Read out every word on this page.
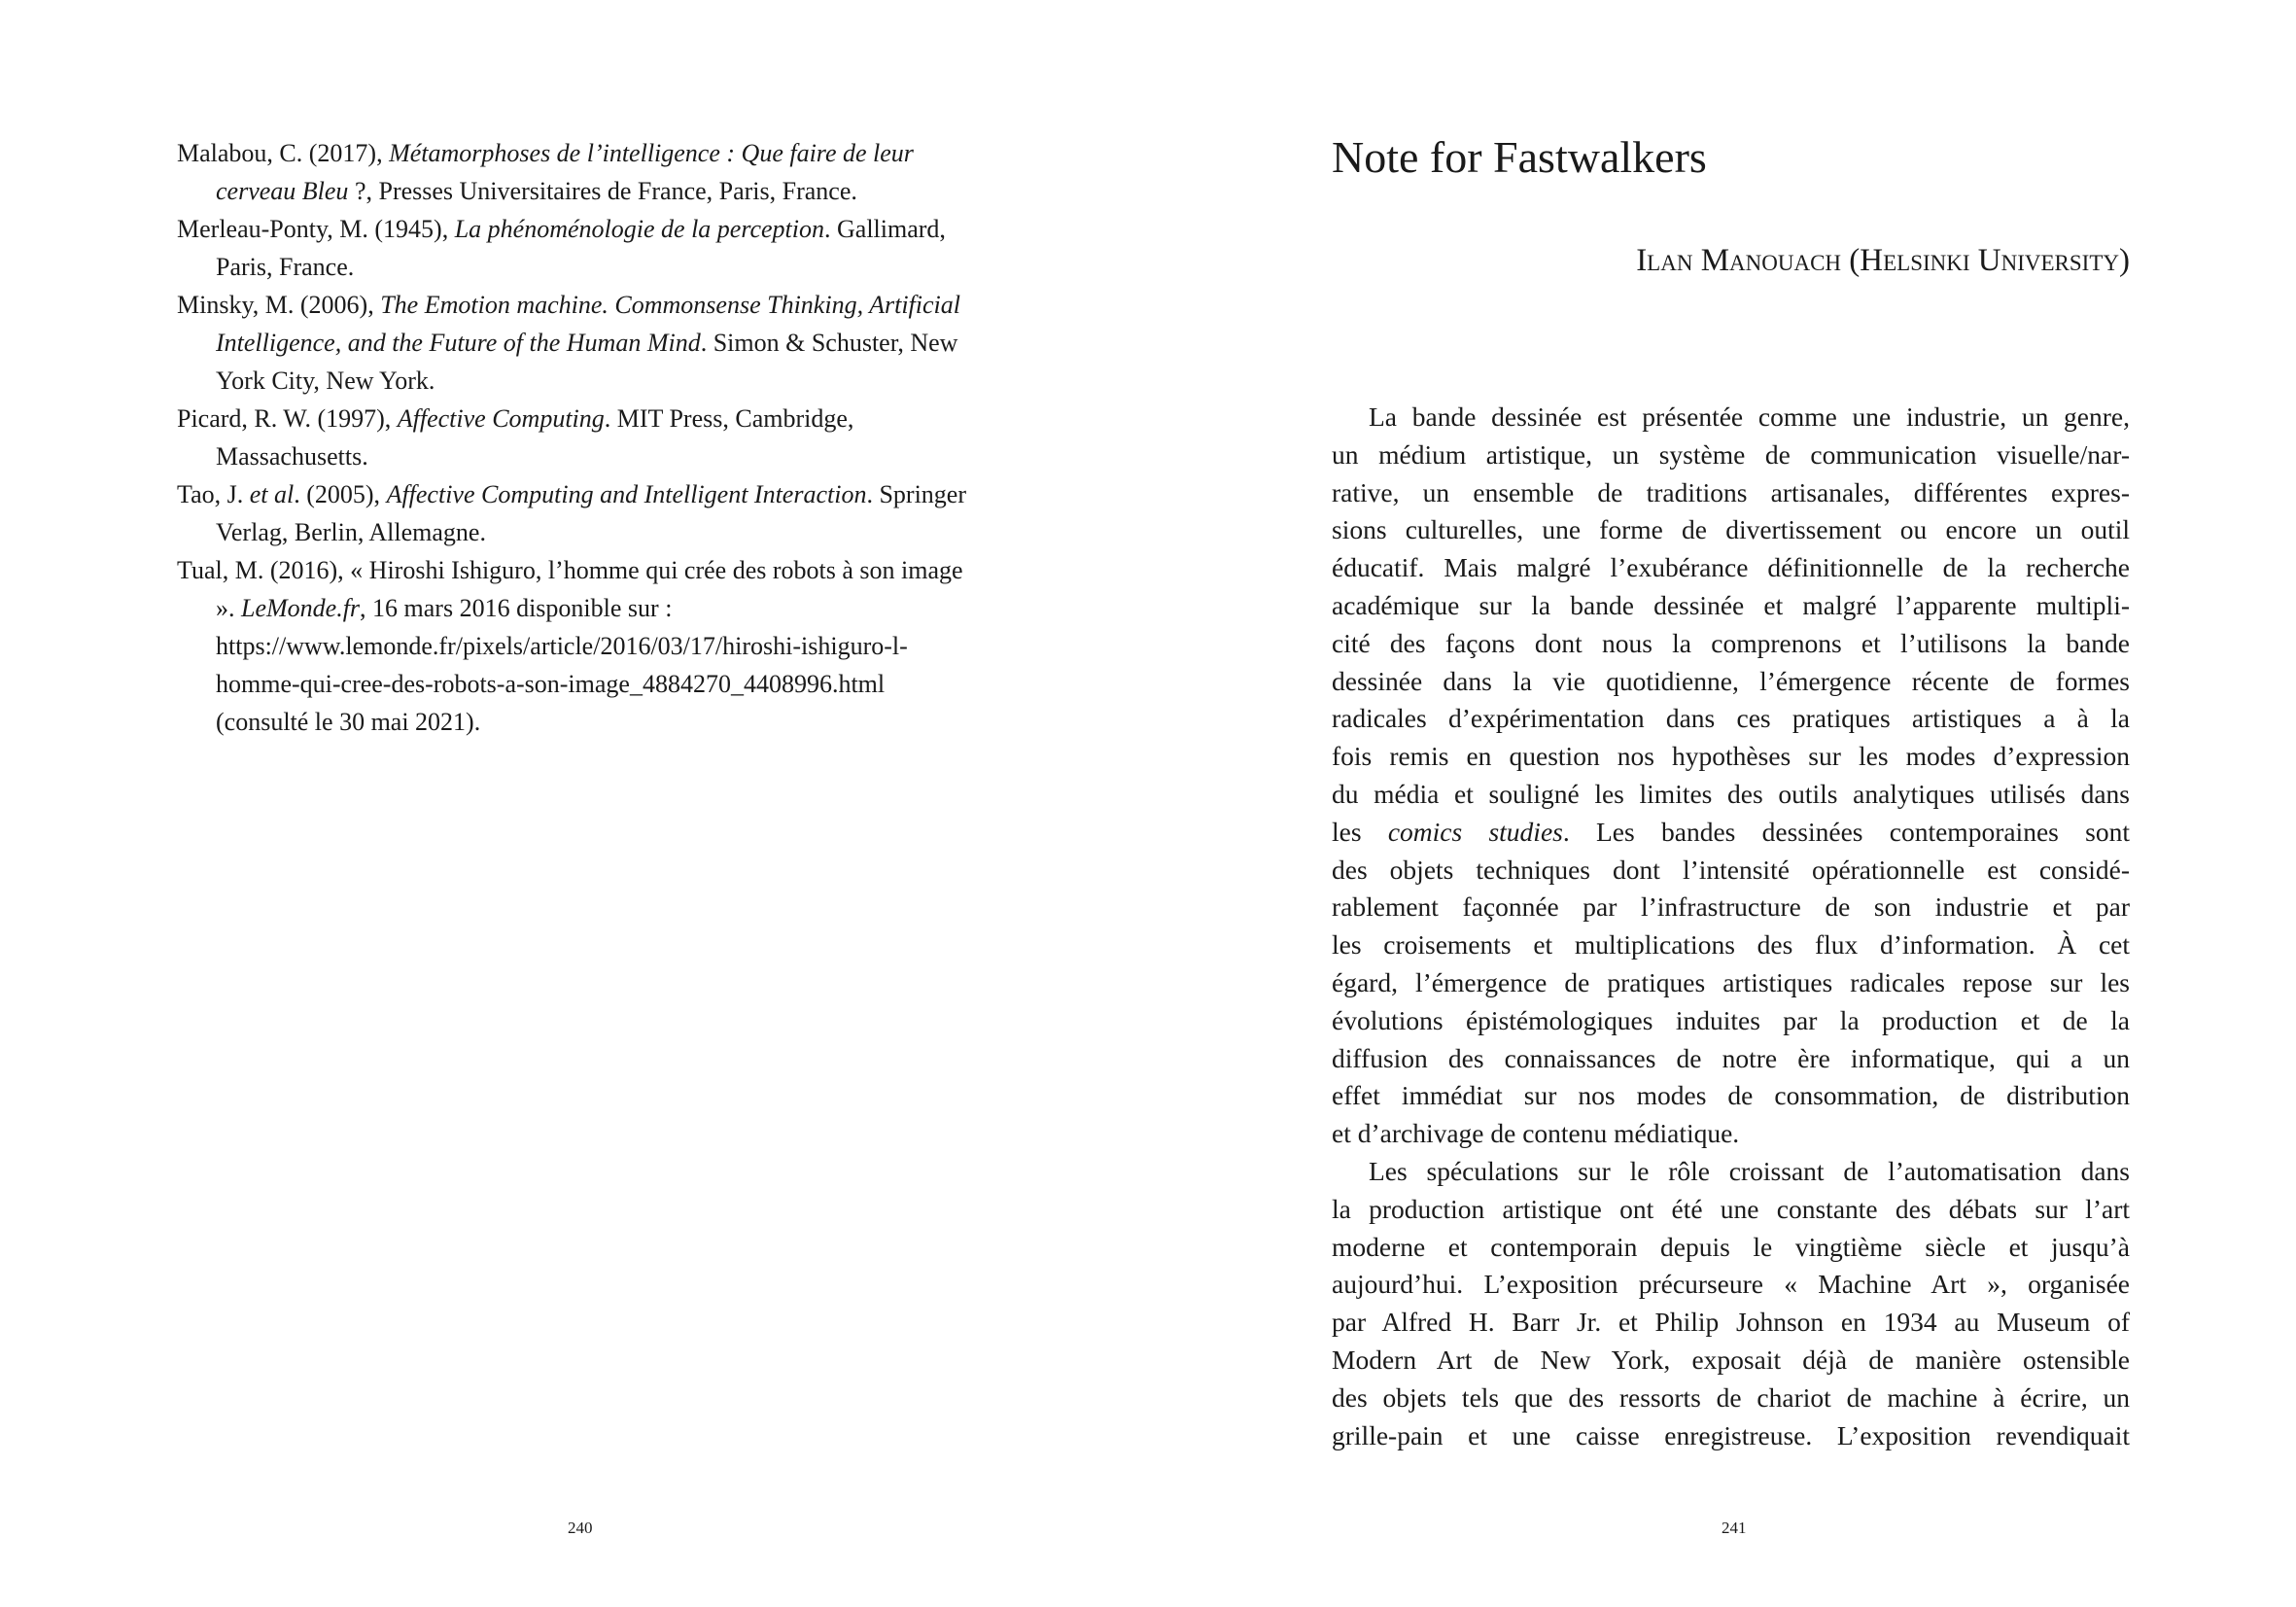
Malabou, C. (2017), Métamorphoses de l’intelligence : Que faire de leur cerveau Bleu ?, Presses Universitaires de France, Paris, France.
Merleau-Ponty, M. (1945), La phénoménologie de la perception. Gallimard, Paris, France.
Minsky, M. (2006), The Emotion machine. Commonsense Thinking, Artificial Intelligence, and the Future of the Human Mind. Simon & Schuster, New York City, New York.
Picard, R. W. (1997), Affective Computing. MIT Press, Cambridge, Massachusetts.
Tao, J. et al. (2005), Affective Computing and Intelligent Interaction. Springer Verlag, Berlin, Allemagne.
Tual, M. (2016), « Hiroshi Ishiguro, l’homme qui crée des robots à son image ». LeMonde.fr, 16 mars 2016 disponible sur : https://www.lemonde.fr/pixels/article/2016/03/17/hiroshi-ishiguro-l-homme-qui-cree-des-robots-a-son-image_4884270_4408996.html (consulté le 30 mai 2021).
240
Note for Fastwalkers
Ilan Manouach (Helsinki University)
La bande dessinée est présentée comme une industrie, un genre,
un médium artistique, un système de communication visuelle/nar-
rative, un ensemble de traditions artisanales, différentes expres-
sions culturelles, une forme de divertissement ou encore un outil
éducatif. Mais malgré l’exubérance définitionnelle de la recherche
académique sur la bande dessinée et malgré l’apparente multipli-
cité des façons dont nous la comprenons et l’utilisons la bande
dessinée dans la vie quotidienne, l’émergence récente de formes
radicales d’expérimentation dans ces pratiques artistiques a à la
fois remis en question nos hypothèses sur les modes d’expression
du média et souligné les limites des outils analytiques utilisés dans
les comics studies. Les bandes dessinées contemporaines sont
des objets techniques dont l’intensité opérationnelle est considé-
rablement façonnée par l’infrastructure de son industrie et par
les croisements et multiplications des flux d’information. À cet
égard, l’émergence de pratiques artistiques radicales repose sur les
évolutions épistémologiques induites par la production et de la
diffusion des connaissances de notre ère informatique, qui a un
effet immédiat sur nos modes de consommation, de distribution
et d’archivage de contenu médiatique.
Les spéculations sur le rôle croissant de l’automatisation dans
la production artistique ont été une constante des débats sur l’art
moderne et contemporain depuis le vingtième siècle et jusqu’à
aujourd’hui. L’exposition précurseure « Machine Art », organisée
par Alfred H. Barr Jr. et Philip Johnson en 1934 au Museum of
Modern Art de New York, exposait déjà de manière ostensible
des objets tels que des ressorts de chariot de machine à écrire, un
grille-pain et une caisse enregistreuse. L’exposition revendiquait
241
